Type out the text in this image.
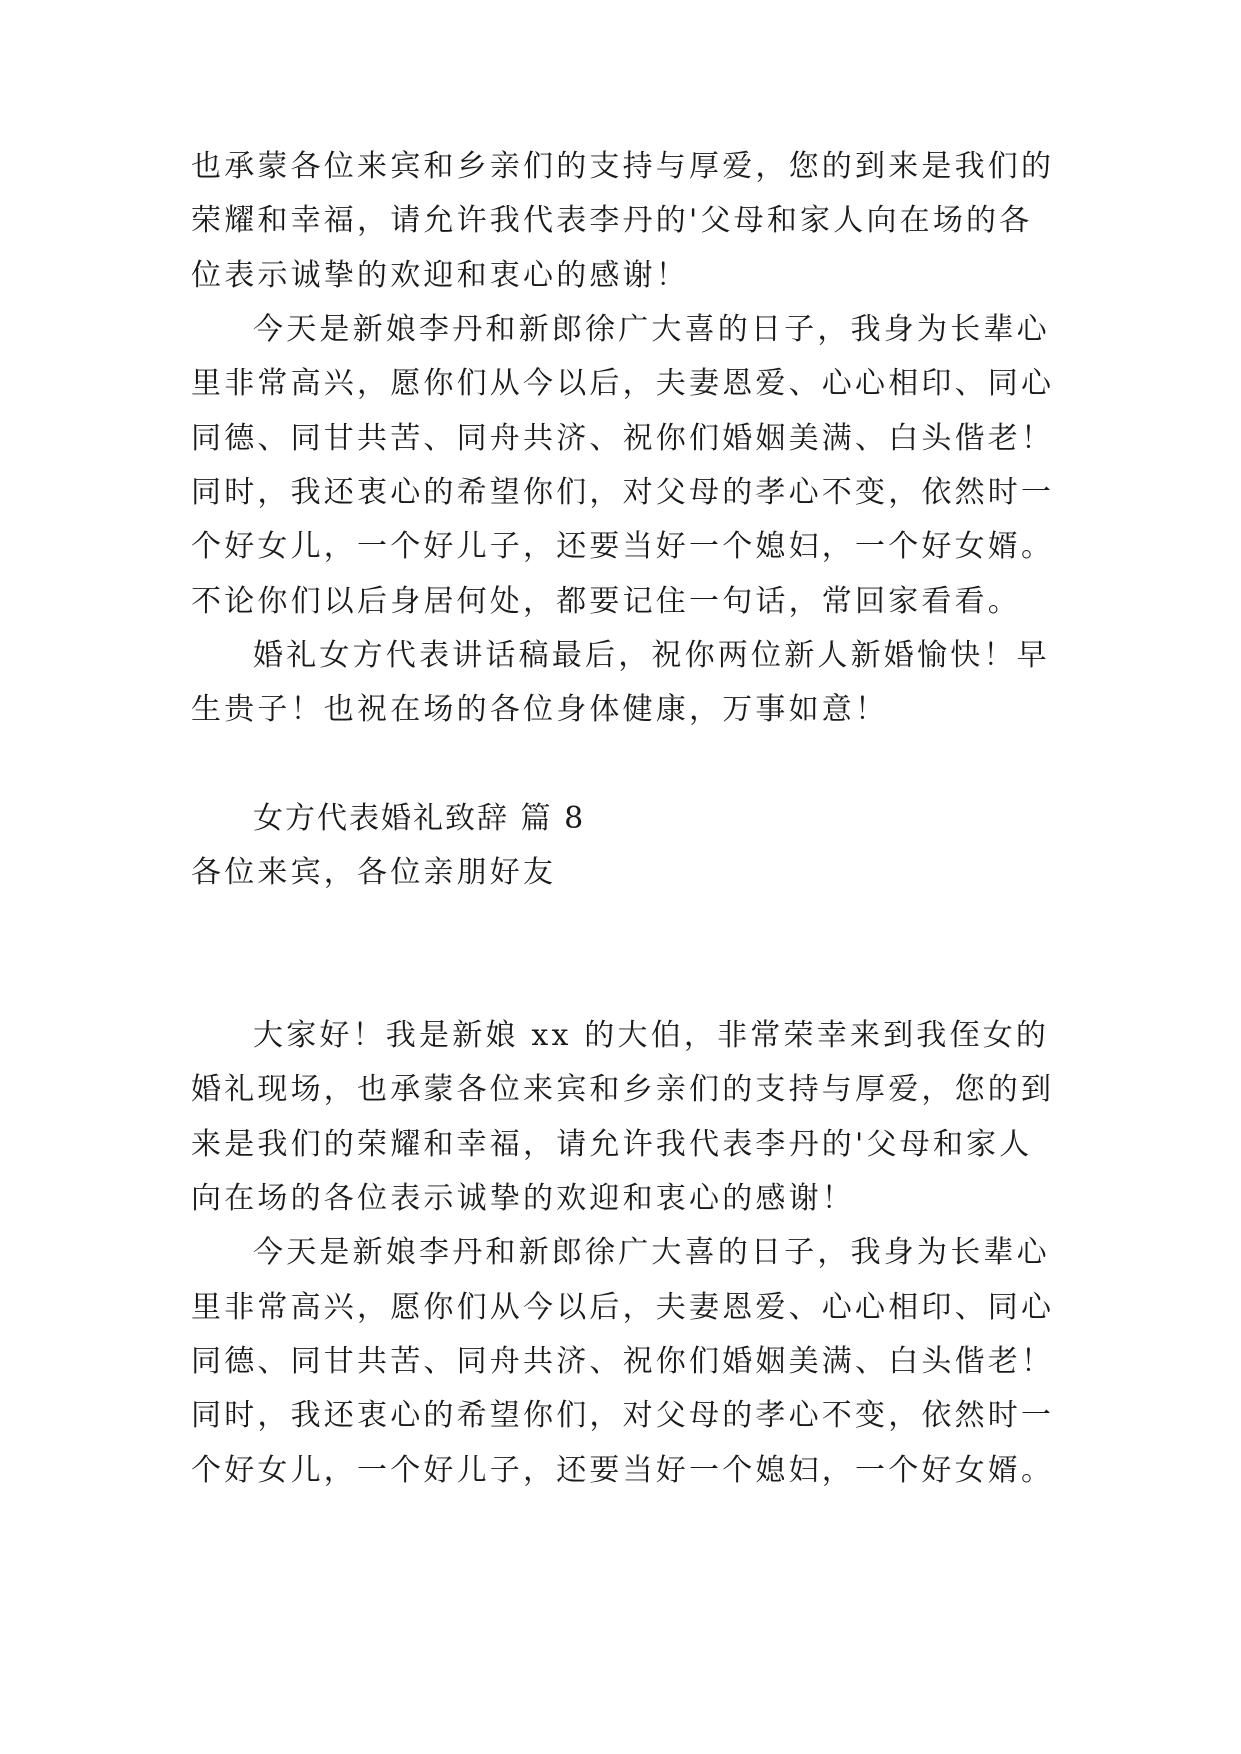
也承蒙各位来宾和乡亲们的支持与厚爱，您的到来是我们的
荣耀和幸福，请允许我代表李丹的'父母和家人向在场的各
位表示诚挚的欢迎和衷心的感谢！
今天是新娘李丹和新郎徐广大喜的日子，我身为长辈心
里非常高兴，愿你们从今以后，夫妻恩爱、心心相印、同心
同德、同甘共苦、同舟共济、祝你们婚姻美满、白头偕老！
同时，我还衷心的希望你们，对父母的孝心不变，依然时一
个好女儿，一个好儿子，还要当好一个媳妇，一个好女婿。
不论你们以后身居何处，都要记住一句话，常回家看看。
婚礼女方代表讲话稿最后，祝你两位新人新婚愉快！早
生贵子！也祝在场的各位身体健康，万事如意！
女方代表婚礼致辞 篇 8
各位来宾，各位亲朋好友
大家好！我是新娘 xx 的大伯，非常荣幸来到我侄女的
婚礼现场，也承蒙各位来宾和乡亲们的支持与厚爱，您的到
来是我们的荣耀和幸福，请允许我代表李丹的'父母和家人
向在场的各位表示诚挚的欢迎和衷心的感谢！
今天是新娘李丹和新郎徐广大喜的日子，我身为长辈心
里非常高兴，愿你们从今以后，夫妻恩爱、心心相印、同心
同德、同甘共苦、同舟共济、祝你们婚姻美满、白头偕老！
同时，我还衷心的希望你们，对父母的孝心不变，依然时一
个好女儿，一个好儿子，还要当好一个媳妇，一个好女婿。
